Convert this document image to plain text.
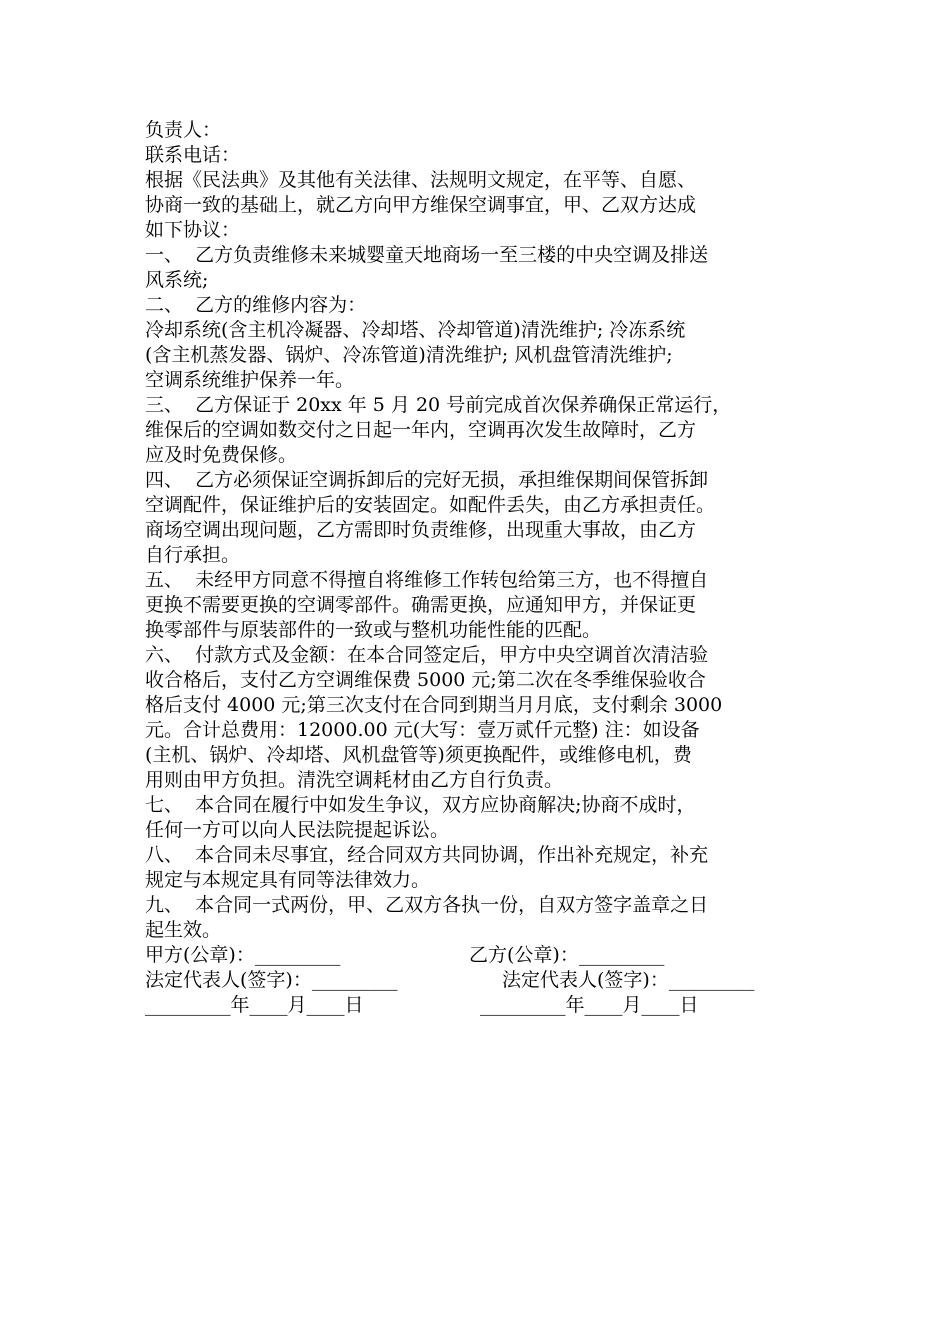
负责人：
联系电话：
根据《民法典》及其他有关法律、法规明文规定，在平等、自愿、
协商一致的基础上，就乙方向甲方维保空调事宜，甲、乙双方达成
如下协议：
一、  乙方负责维修未来城婴童天地商场一至三楼的中央空调及排送
风系统;
二、  乙方的维修内容为：
冷却系统(含主机冷凝器、冷却塔、冷却管道)清洗维护; 冷冻系统
(含主机蒸发器、锅炉、冷冻管道)清洗维护; 风机盘管清洗维护;
空调系统维护保养一年。
三、  乙方保证于 20xx 年 5 月 20 号前完成首次保养确保正常运行，
维保后的空调如数交付之日起一年内，空调再次发生故障时，乙方
应及时免费保修。
四、  乙方必须保证空调拆卸后的完好无损，承担维保期间保管拆卸
空调配件，保证维护后的安装固定。如配件丢失，由乙方承担责任。
商场空调出现问题，乙方需即时负责维修，出现重大事故，由乙方
自行承担。
五、  未经甲方同意不得擅自将维修工作转包给第三方，也不得擅自
更换不需要更换的空调零部件。确需更换，应通知甲方，并保证更
换零部件与原装部件的一致或与整机功能性能的匹配。
六、  付款方式及金额：在本合同签定后，甲方中央空调首次清洁验
收合格后，支付乙方空调维保费 5000 元;第二次在冬季维保验收合
格后支付 4000 元;第三次支付在合同到期当月月底，支付剩余 3000
元。合计总费用：12000.00 元(大写：壹万贰仟元整) 注：如设备
(主机、锅炉、冷却塔、风机盘管等)须更换配件，或维修电机，费
用则由甲方负担。清洗空调耗材由乙方自行负责。
七、  本合同在履行中如发生争议，双方应协商解决;协商不成时，
任何一方可以向人民法院提起诉讼。
八、  本合同未尽事宜，经合同双方共同协调，作出补充规定，补充
规定与本规定具有同等法律效力。
九、  本合同一式两份，甲、乙双方各执一份，自双方签字盖章之日
起生效。

甲方(公章)：_________

	乙方(公章)：_________

法定代表人(签字)：_________

	法定代表人(签字)：_________

_________年____月____日

	_________年____月____日
